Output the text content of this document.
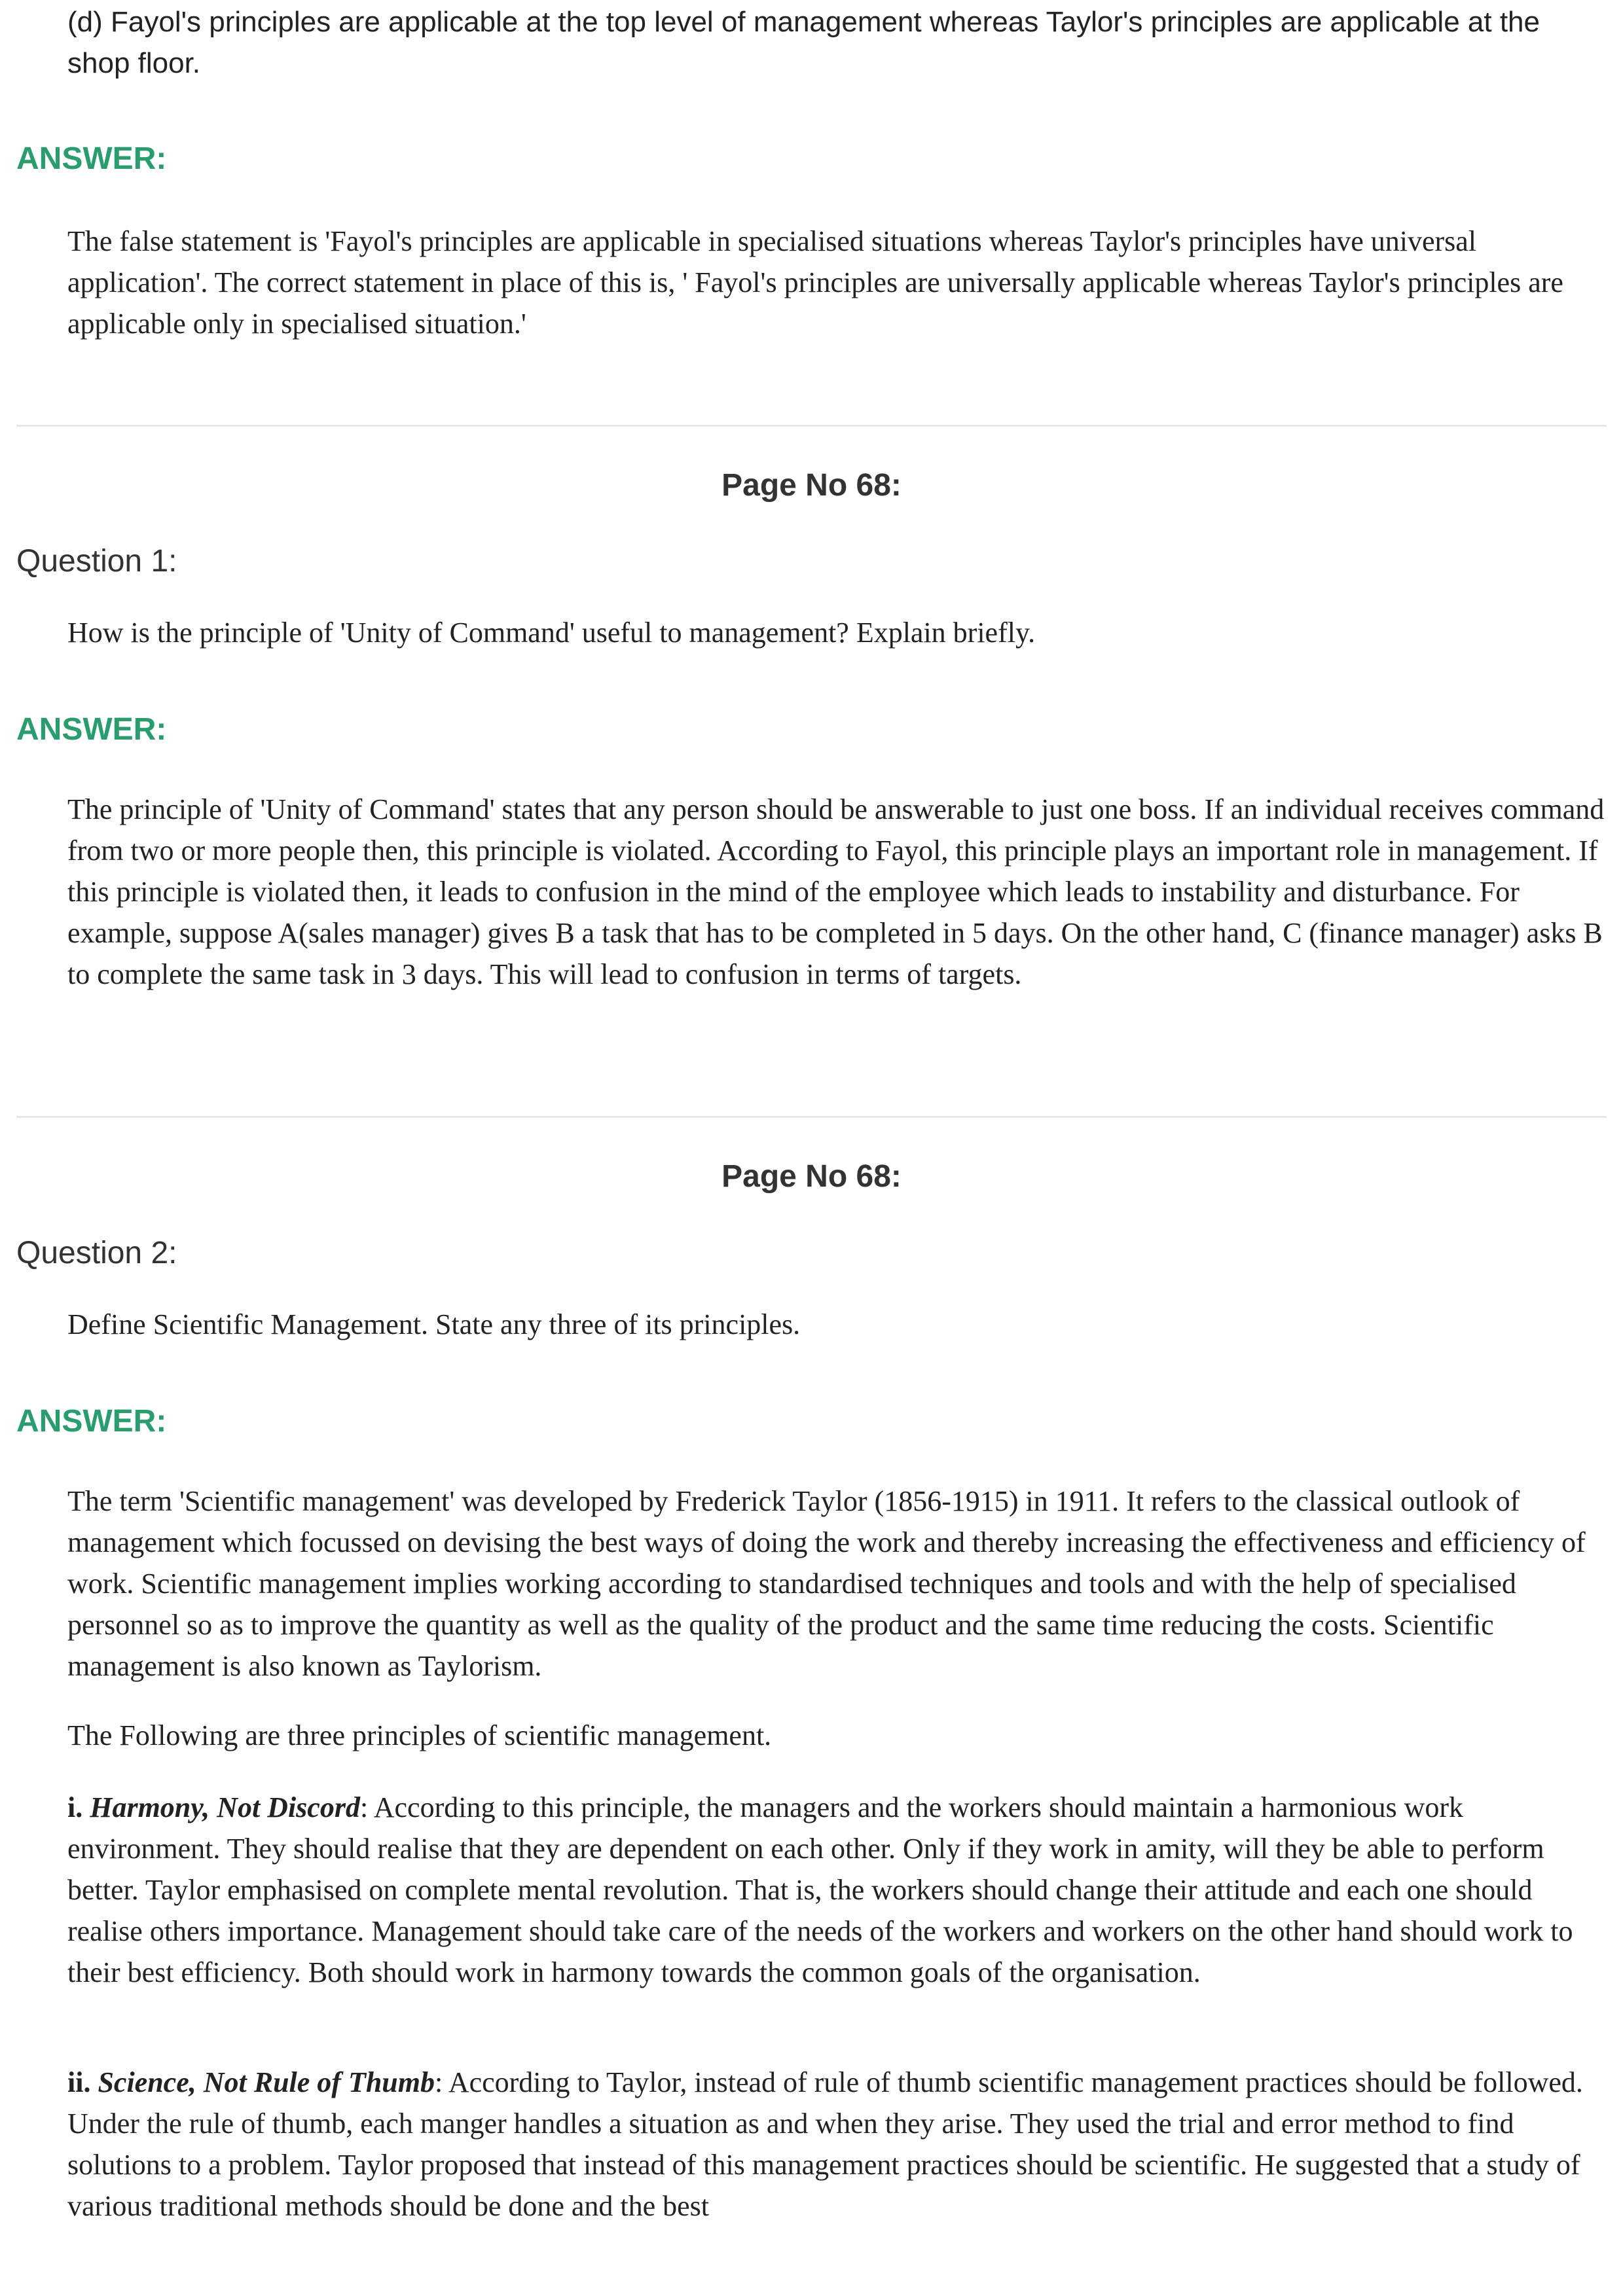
(d) Fayol's principles are applicable at the top level of management whereas Taylor's principles are applicable at the shop floor.

ANSWER:

The false statement is 'Fayol's principles are applicable in specialised situations whereas Taylor's principles have universal application'. The correct statement in place of this is, ' Fayol's principles are universally applicable whereas Taylor's principles are applicable only in specialised situation.'

Page No 68:

Question 1:

How is the principle of 'Unity of Command' useful to management? Explain briefly.

ANSWER:

The principle of 'Unity of Command' states that any person should be answerable to just one boss. If an individual receives command from two or more people then, this principle is violated. According to Fayol, this principle plays an important role in management. If this principle is violated then, it leads to confusion in the mind of the employee which leads to instability and disturbance. For example, suppose A(sales manager) gives B a task that has to be completed in 5 days. On the other hand, C (finance manager) asks B to complete the same task in 3 days. This will lead to confusion in terms of targets.

Page No 68:

Question 2:

Define Scientific Management. State any three of its principles.

ANSWER:

The term 'Scientific management' was developed by Frederick Taylor (1856-1915) in 1911. It refers to the classical outlook of management which focussed on devising the best ways of doing the work and thereby increasing the effectiveness and efficiency of work. Scientific management implies working according to standardised techniques and tools and with the help of specialised personnel so as to improve the quantity as well as the quality of the product and the same time reducing the costs. Scientific management is also known as Taylorism.

The Following are three principles of scientific management.

i. Harmony, Not Discord: According to this principle, the managers and the workers should maintain a harmonious work environment. They should realise that they are dependent on each other. Only if they work in amity, will they be able to perform better. Taylor emphasised on complete mental revolution. That is, the workers should change their attitude and each one should realise others importance. Management should take care of the needs of the workers and workers on the other hand should work to their best efficiency. Both should work in harmony towards the common goals of the organisation.

ii. Science, Not Rule of Thumb: According to Taylor, instead of rule of thumb scientific management practices should be followed. Under the rule of thumb, each manger handles a situation as and when they arise. They used the trial and error method to find solutions to a problem. Taylor proposed that instead of this management practices should be scientific. He suggested that a study of various traditional methods should be done and the best
